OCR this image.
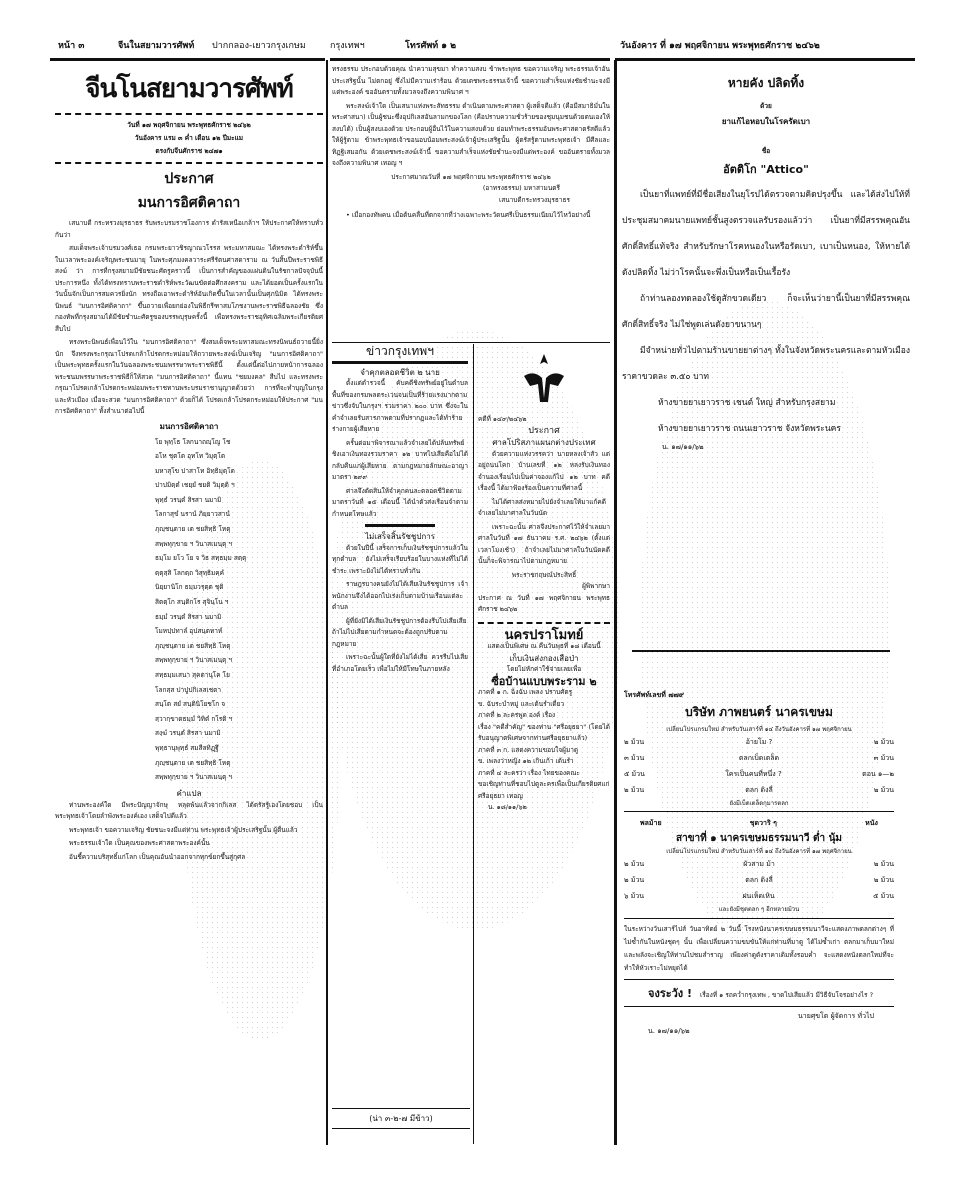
หน้า ๓	จีนในสยามวารศัพท์ ปากกลอง-เยาวกรุงเกษม	กรุงเทพฯ	โทรศัพท์ ๑ ๒	วันอังคาร ที่ ๑๗ พฤศจิกายน พระพุทธศักราช ๒๔๖๒
จีนโนสยามวารศัพท์
วันที่ ๑๗ พฤศจิกายน พระพุทธศักราช ๒๔๖๒
วันอังคาร แรม ๓ ค่ำ เดือน ๑๒ ปีมะแม
ตรงกับจีนศักราช ๒๔๗๑
ประกาศ
มนการอิศติคาถา

เสนาบดี กระทรวงมุรธาธร รับพระบรมราชโองการ ดำรัสเหนือเกล้าฯ ให้ประกาศให้ทราบทั่วกันว่า

สมเด็จพระเจ้าบรมวงศ์เธอ กรมพระยาวชิรญาณวโรรส พระมหาสมณะ ได้ทรงพระดำริห์ขึ้นในเวลาพระองค์เจริญพระชนมายุ ในพระศุภมงคลวาระศรีรัตนศาสดาราม ณ วันสิ้นปีพระราชพิธีสงฆ์ ว่า การที่กรุงสยามมีชัยชนะศัตรูคราวนี้ เป็นการสำคัญของแผ่นดินในรัชกาลปัจจุบันนี้ ประการหนึ่ง ทั้งได้ทรงทราบพระราชดำริห์พระวัฒนขัดต่อศึกสงคราม และได้ยอดเป็นครั้งแรกในวันนั้นจักเป็นการสมควรยิ่งนัก ทรงถือเอาพระดำริห์อันเกิดขึ้นในเวลานั้นเป็นศุภนิมิต ได้ทรงพระนิพนธ์ "มนการอิศติคาถา" ขึ้นถวายเพื่อยกย่องในพิธีกรีฑาสมโภชงานพระราชพิธีฉลองชัย ซึ่งกองทัพที่กรุงสยามได้มีชัยชำนะศัตรูของบรรพบุรุษครั้งนี้ เพื่อทรงพระราชอุทิศเฉลิมพระเกียรติยศสืบไป

ทรงพระนิพนธ์เพื่อนไว้ใน "มนการอิศติคาถา" ซึ่งสมเด็จพระมหาสมณะทรงนิพนธ์ถวายนี้ยิ่งนัก จึงทรงพระกรุณาโปรดเกล้าโปรดกระหม่อมให้ถวายพระสงฆ์เป็นเจริญ "มนการอิศติคาถา" เป็นพระพุทธครั้งแรกในวันฉลองพระชนมพรรษาพระราชพิธีนี้ ตั้งแต่นี้ต่อไปภายหน้าการฉลองพระชนมพรรษาพระราชพิธีก็ให้สวด "มนการอิศติคาถา" นี้แทน "ชยมงคล" สืบไป และทรงพระกรุณาโปรดเกล้าโปรดกระหม่อมพระราชทานพระบรมราชานุญาตด้วยว่า การที่จะทำบุญในกรุงและหัวเมือง เมื่อจะสวด "มนการอิศติคาถา" ด้วยก็ได้ โปรดเกล้าโปรดกระหม่อมให้ประกาศ "มนการอิศติคาถา" ทั้งสำเนาต่อไปนี้

มนการอิศติคาถา
โย พุทฺโธ โลกนาถญฺโญ โช
อโห ชุตโต อุทโท วิมุตฺโต
มหาสุโข ปาสาโท อิทฺธิมุตฺโต
ปาปมิตฺตํ เชยฺยํ ชยติ วิมุตฺติ ฯ
พุทฺธํ วรนฺตํ สิรสา นมามิ
โลกาสุขํ นรานํ ภิยฺยาวสานํ
ภุญฺชนฺตาย เต ชยสิทฺธิ โหตุ
สพฺพทุกฺขาย ฯ วินาสเมนฺตุ ฯ
ธมฺโม ยโว โย จ วิธ สทฺธมฺม สตฺตุ
ตฺตุสฺสิ โลกตฺถ วิสุทฺธิมคฺคํ
นิยฺยานิโก ธมฺมวรุตฺต ชุติ
สิตตฺโก สนฺติกโร สุจินฺโน ฯ
ธมฺมํ วรนฺตํ สิรสา นมามิ
โมหปฺปทาลํ อุปสนฺตทาหํ
ภุญฺชนฺตาย เต ชยสิทฺธิ โหตุ
สพฺพทุกฺขาย ฯ วินาสเมนฺตุ ฯ
สทฺธมฺมเสนา สุคตานุโค โย
โลกสฺส ปาปูปกิเลสเชตา
สนฺโต สยํ สนฺตินิโยชโก จ
สฺวากฺขาตธมฺมํ วิทิตํ กโรติ ฯ
สงฺฆํ วรนฺตํ สิรสา นมามิ
พุทฺธานุพุทฺธํ สมสีลทิฏฺฐึ
ภุญฺชนฺตาย เต ชยสิทฺธิ โหตุ
สพฺพทุกฺขาย ฯ วินาสเมนฺตุ ฯ
คำแปล

ท่านพระองค์ใด มีพระปัญญาจักษุ หลุดพ้นแล้วจากกิเลส ได้ตรัสรู้เองโดยชอบ เป็นพระพุทธเจ้าโดยลำพังพระองค์เอง เสด็จไปดีแล้ว

พระพุทธเจ้า ขอความเจริญ ชัยชนะจงมีแด่ท่าน พระพุทธเจ้าผู้ประเสริฐนั้น ผู้ตื่นแล้ว

พระธรรมเจ้าใด เป็นคุณของพระศาสดาพระองค์นั้น

อันชี้ความบริสุทธิ์แก่โลก เป็นคุณอันนำออกจากทุกข์ยกขึ้นสู่กุศล

ทรงธรรม ประกอบด้วยคุณ นำความสุขมา ทำความสงบ ข้าพระพุทธ ขอความเจริญ พระธรรมเจ้าอันประเสริฐนั้น ไม่ตกอยู่ ซึ่งไม่มีความเร่าร้อน ด้วยเดชพระธรรมเจ้านี้ ขอความสำเร็จแห่งชัยชำนะจงมีแด่พระองค์ ขออันตรายทั้งมวลจงถึงความพินาศ ฯ

พระสงฆ์เจ้าใด เป็นเสนาแห่งพระสัทธรรม ดำเนินตามพระศาสดา ผู้เสด็จดีแล้ว (คือมีสมาธิมั่นในพระศาสนา) เป็นผู้ชนะซึ่งอุปกิเลสอันลามกของโลก (คือปราบความชั่วร้ายของชุมนุมชนด้วยตนเองให้สงบได้) เป็นผู้สงบเองด้วย ประกอบผู้อื่นไว้ในความสงบด้วย ย่อมทำพระธรรมอันพระศาสดาตรัสดีแล้วให้ผู้รู้ตาม ข้าพระพุทธเจ้าขอนอบน้อมพระสงฆ์เจ้าผู้ประเสริฐนั้น ผู้ตรัสรู้ตามพระพุทธเจ้า มีศีลและทิฏฐิเสมอกัน ด้วยเดชพระสงฆ์เจ้านี้ ขอความสำเร็จแห่งชัยชำนะจงมีแด่พระองค์ ขออันตรายทั้งมวลจงถึงความพินาศ เทอญ ฯ

ประกาศมาณวันที่ ๑๗ พฤศจิกายน พระพุทธศักราช ๒๔๖๒
(อาทรงธรรม) มหาสามนตรี
เสนาบดีกระทรวงมุรธาธร

• เมื่อกองทัพคน เมื่อต้นคลื่นที่ตกจากที่ว่างเฉพาะพระวัดนศรีเป็นธรรมเนียมไว้ไหว้อย่างนี้

ข่าวกรุงเทพฯ
จำคุกตลอดชีวิต ๒ นาย

ตั้งแต่ตำรวจนี้ คับคดีชิงทรัพย์อยู่ในตำบลพื้นที่ของกรมพลตระเวนจนเป็นที่ร้ายแรงมากตามข่าวซึ่งจับในกรุงฯ รวมราคา ๒๐๐ บาท ซึ่งจะในคำจำเลยรับสารภาพตามที่ปรากฏและได้ทำร้ายร่างกายผู้เสียหาย

ครั้นต่อมาพิจารณาแล้วจำเลยได้ปล้นทรัพย์ชิงเอาเงินทองรวมราคา ๑๒ บาทไปเสียคือไม่ได้กลับคืนแก่ผู้เสียหาย ตามกฎหมายลักษณะอาญามาตรา ๒๙๙

ศาลจึงตัดสินให้จำคุกคนละตลอดชีวิตตามมาตราวันที่ ๑๕ เดือนนี้ ได้นำตัวส่งเรือนจำตามกำหนดโทษแล้ว

ไม่เสร็จสิ้นรัชชูปการ

ด้วยในปีนี้ เสร็จการเก็บเงินรัชชูปการแล้วในทุกตำบล ยังไม่เสร็จเรียบร้อยในบางแห่งที่ไม่ได้ชำระ เพราะยังไม่ได้ทราบทั่วกัน

ราษฎรบางคนยังไม่ได้เสียเงินรัชชูปการ เจ้าพนักงานจึงได้ออกไปเร่งเก็บตามบ้านเรือนแต่ละตำบล

ผู้ที่ยังมิได้เสียเงินรัชชูปการต้องรีบไปเสียเสีย ถ้าไม่ไปเสียตามกำหนดจะต้องถูกปรับตามกฎหมาย

เพราะฉะนั้นผู้ใดที่ยังไม่ได้เสีย ควรรีบไปเสียที่อำเภอโดยเร็ว เพื่อไม่ให้มีโทษในภายหลัง

(น่า ๓-๒-๗ มีข้าว)
คดีที่ ๑๔๙/๒๔๖๒
ประกาศ
ศาลโปริสภาแผนกต่างประเทศ

ด้วยความแห่งวรรคว่า นายหลงเจ้าสัว แต่อยู่ถนนโคก บ้านเลขที่ ๑๒ หลงรับเงินทองจำนองเรือนไปเป็นค่าจองแก้ไป ๑๒ บาท คดีเรื่องนี้ ได้มาฟ้องร้องเป็นความที่ศาลนี้

ไม่ได้ศาลส่งหมายไปยังจำเลยให้มาแก้คดี จำเลยไม่มาศาลในวันนัด

เพราะฉะนั้น ศาลจึงประกาศไว้ให้จำเลยมาศาลในวันที่ ๑๗ ธันวาคม ร.ศ. ๒๔๖๒ (ตั้งแต่เวลาโมงเช้า) ถ้าจำเลยไม่มาศาลในวันนัดคดีนั้นก็จะพิจารณาไปตามกฎหมาย

พระราชกฤษณ์ประสิทธิ์
ผู้พิพากษา
ประกาศ ณ วันที่ ๑๗ พฤศจิกายน พระพุทธศักราช ๒๔๖๒
นครปราโมทย์
แสดงเป็นพิเศษ ณ คืนวันพุธที่ ๑๘ เดือนนี้
เก็บเงินส่งกองเสือป่า
โดยไม่หักค่าใช้จ่ายเลยเพื่อ
ซื่อบ้านแบบพระราม ๒
ภาคที่ ๑ ก. ฉิ่งฉับ เพลง ปราบศัตรู
ข. ฉับระบำหมู่ และเต้นรำเดี่ยว
ภาคที่ ๒ ละครพูด องค์ เรื่อง
เรื่อง "คดีสำคัญ" ของท่าน "ศรีอยุธยา" (โดยได้รับอนุญาตพิเศษจากท่านศรีอยุธยาแล้ว)
ภาคที่ ๓ ก. แสดงความขอบใจผู้มาดู
ข. เพลงว่าหญิง ๑๒ เกินเก้า เต้นรำ
ภาคที่ ๔ ละครว่า เรื่อง ไทยของคณะ
ขอเชิญท่านที่ชอบไปดูละครเพื่อเป็นเกียรติยศแก่ศรีอยุธยา เทอญ
น. ๑๘/๑๑/๖๒
หายคัง ปลิดทิ้ง
ด้วย
ยาแก้ไอหอบในโรครัดเบา
ชื่อ
อัตติโก "Attico"

เป็นยาที่แพทย์ที่มีชื่อเสียงในยุโรปได้ตรวจตามคิดปรุงขึ้น และได้ส่งไปให้ที่ประชุมสมาคมนายแพทย์ชั้นสูงตรวจแลรับรองแล้วว่า เป็นยาที่มีสรรพคุณอันศักดิ์สิทธิ์แท้จริง สำหรับรักษาโรคหนองในหรือรัดเบา, เบาเป็นหนอง, ให้หายได้ดังปลิดทิ้ง ไม่ว่าโรคนั้นจะพึ่งเป็นหรือเป็นเรื้อรัง

ถ้าท่านลองทดลองใช้ดูสักขวดเดียว ก็จะเห็นว่ายานี้เป็นยาที่มีสรรพคุณศักดิ์สิทธิ์จริง ไม่ใช่พูดเล่นดังยาขนานๆ

มีจำหน่ายทั่วไปตามร้านขายยาต่างๆ ทั้งในจังหวัดพระนครและตามหัวเมือง ราคาขวดละ ๓.๕๐ บาท

ห้างขายยาเยาวราช เชนต์ ใหญ่ สำหรับกรุงสยาม

ห้างขายยาเยาวราช ถนนเยาวราช จังหวัดพระนคร

น. ๑๗/๑๑/๖๒
โทรศัพท์เลขที่ ๗๗๙
บริษัท ภาพยนตร์ นาครเขษม
เปลี่ยนโปรแกรมใหม่ สำหรับวันเสาร์ที่ ๑๔ ถึงวันอังคารที่ ๑๗ พฤศจิกายน
๒ ม้วน	อ้ายโม ?	๒ ม้วน
๓ ม้วน	ตลกเบ็ดเตล็ด	๓ ม้วน
๕ ม้วน	ใครเป็นคนที่หนึ่ง ?	ตอน ๑—๒
๒ ม้วน	ตลก ดิงลี่	๒ ม้วน
ยังมีเบ็ดเตล็ดกุมารตลก
พลม้าย	ชุดวาริ ๆ	หนัง
สาขาที่ ๑ นาครเขษมธรรมนาวี ต่ำ นุ้ม
เปลี่ยนโปรแกรมใหม่ สำหรับวันเสาร์ที่ ๑๔ ถึงวันอังคารที่ ๑๗ พฤศจิกายน
๒ ม้วน	ผัวสาม ม้า	๒ ม้วน
๒ ม้วน	ตลก ดิงลี่	๒ ม้วน
๖ ม้วน	ฝนเห็ดเหิน	๕ ม้วน
และยังมีชุดตลก ๆ อีกหลายม้วน
ในระหว่างวันเสาร์ไปส์ วันอาทิตย์ ๒ วันนี้ โรงหนังนาครเขษมธรรมนาวีจะแสดงภาพตลกต่างๆ ที่ไม่ซ้ำกันในหนังชุดๆ นั้น เพื่อเปลี่ยนความขบขันให้แก่ท่านที่มาดู ได้ไม่ซ้ำเก่า ตลกมาเก็บมาใหม่ และพลังจะเชิญให้ท่านไปชมสำราญ เพียงค่าดูดังราคาเดิมทั้งรอบค่ำ จะแสดงหนังตลกใหม่ที่จะทำให้หัวเราะไม่หยุดได้
จงระวัง ! เรื่องที่ ๑ รถคว่ำกรุงเทพ , ขาดไปเสียแล้ว มีวิธีจับโจรอย่างไร ?
นายศุขโต ผู้จัดการ ทั่วไป
น. ๑๗/๑๑/๖๒
